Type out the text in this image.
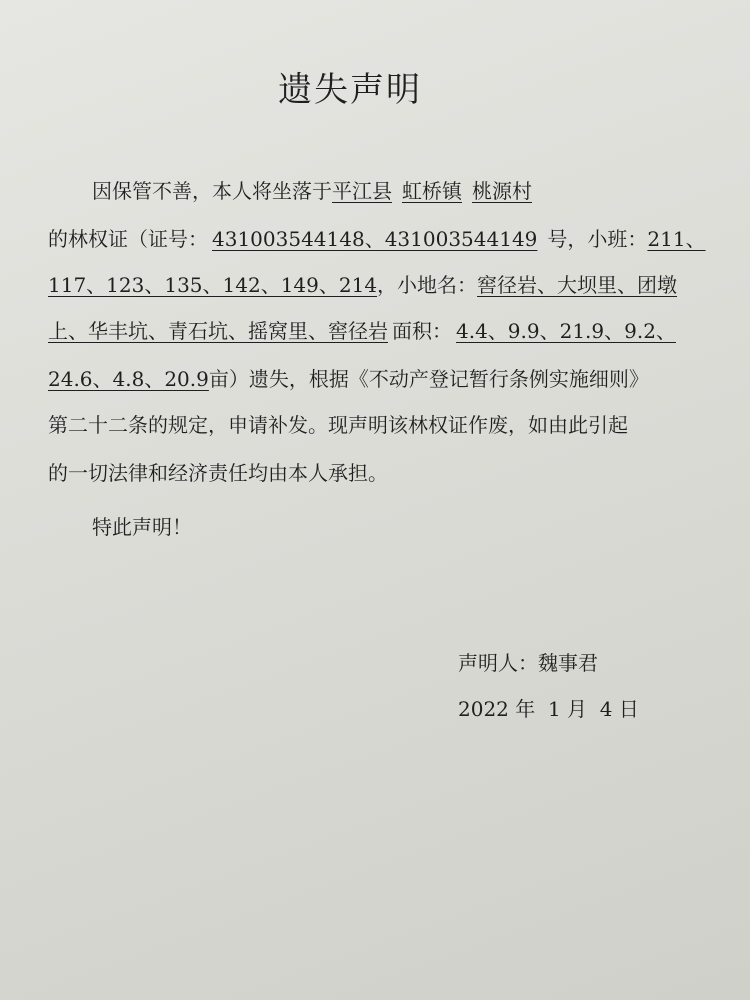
遗失声明
因保管不善，本人将坐落于平江县 虹桥镇 桃源村
的林权证（证号： 431003544148、431003544149 号，小班：211、
117、123、135、142、149、214，小地名：窖径岩、大坝里、团墩
上、华丰坑、青石坑、摇窝里、窖径岩 面积： 4.4、9.9、21.9、9.2、
24.6、4.8、20.9亩）遗失，根据《不动产登记暂行条例实施细则》
第二十二条的规定，申请补发。现声明该林权证作废，如由此引起
的一切法律和经济责任均由本人承担。
特此声明！
声明人：魏事君
2022 年  1 月  4 日
